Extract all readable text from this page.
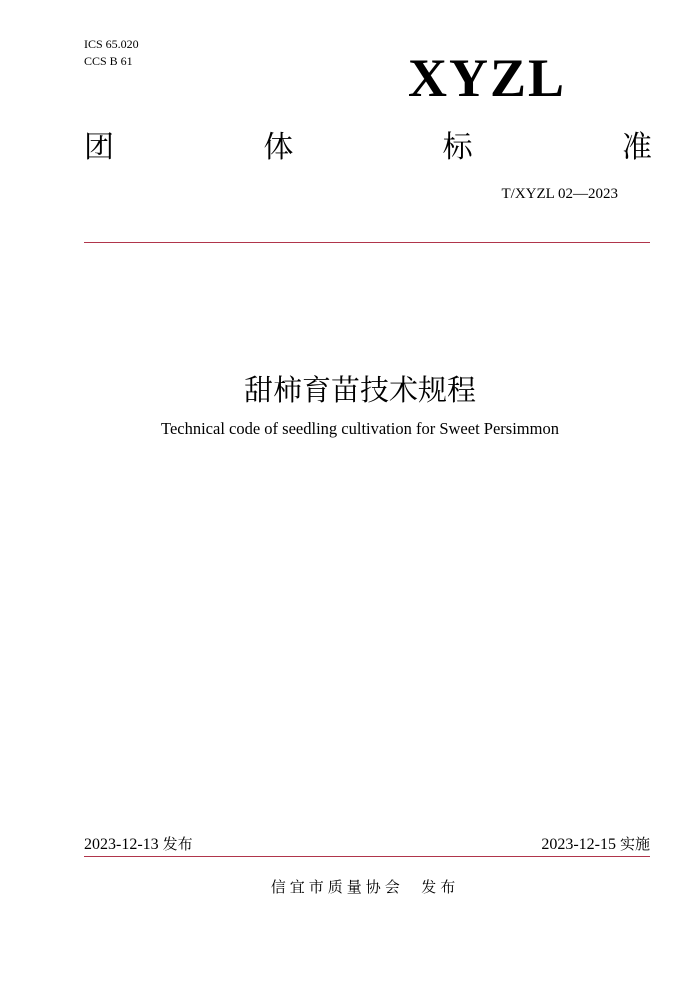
ICS 65.020
CCS B 61	XYZL
团	体	标	准
T/XYZL 02—2023
甜柿育苗技术规程
Technical code of seedling cultivation for Sweet Persimmon
2023-12-13 发布	2023-12-15 实施
信宜市质量协会  发布
